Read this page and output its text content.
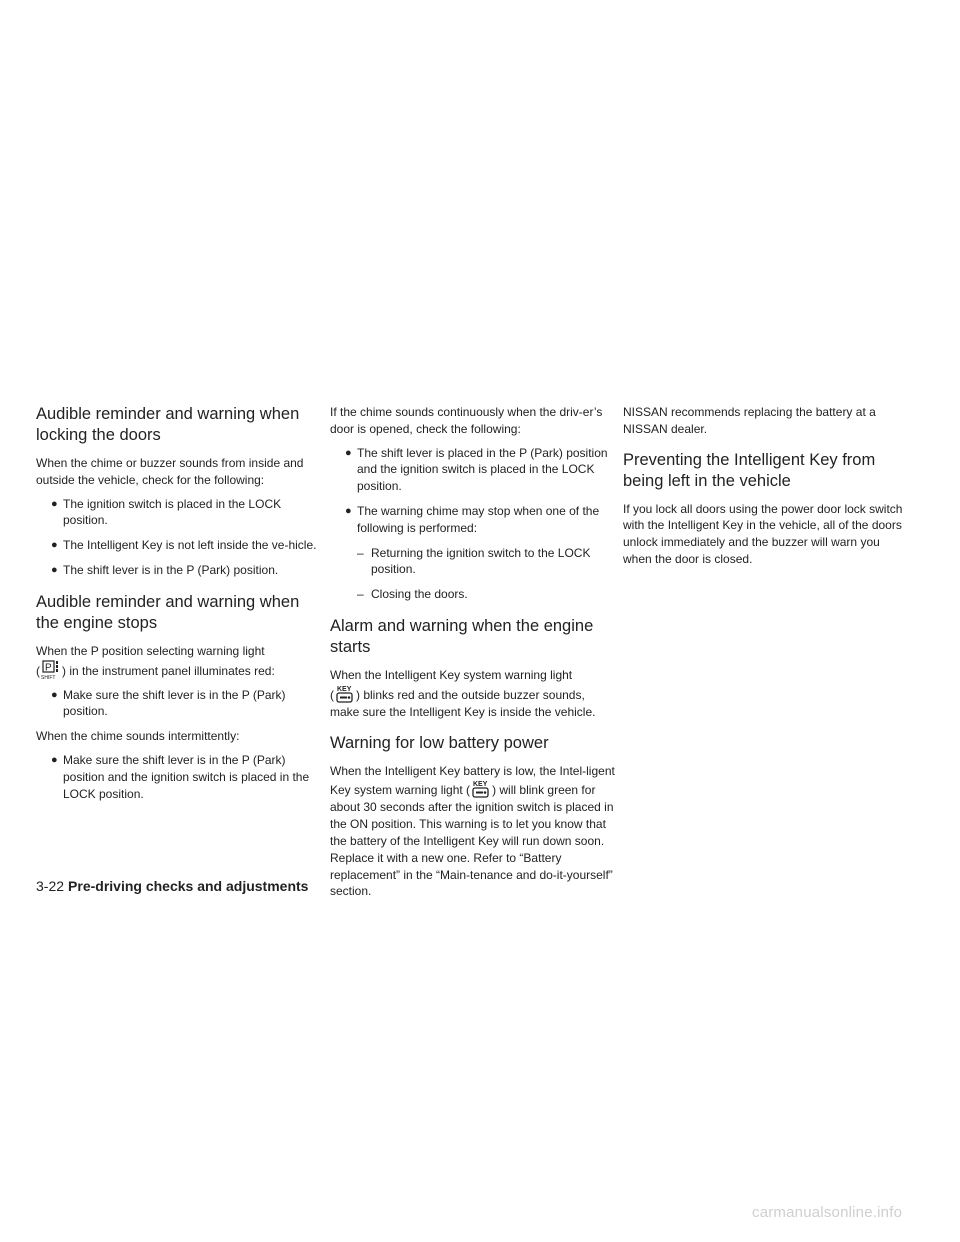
Audible reminder and warning when locking the doors

When the chime or buzzer sounds from inside and outside the vehicle, check for the following:

● The ignition switch is placed in the LOCK position.
● The Intelligent Key is not left inside the ve-hicle.
● The shift lever is in the P (Park) position.
Audible reminder and warning when the engine stops

When the P position selecting warning light
( P
SHIFT ) in the instrument panel illuminates red:

● Make sure the shift lever is in the P (Park) position.

When the chime sounds intermittently:

● Make sure the shift lever is in the P (Park) position and the ignition switch is placed in the LOCK position.

If the chime sounds continuously when the driv-er’s door is opened, check the following:

● The shift lever is placed in the P (Park) position and the ignition switch is placed in the LOCK position.
● The warning chime may stop when one of the following is performed:
– Returning the ignition switch to the LOCK position.
– Closing the doors.
Alarm and warning when the engine starts

When the Intelligent Key system warning light
( KEY ) blinks red and the outside buzzer sounds, make sure the Intelligent Key is inside the vehicle.

Warning for low battery power

When the Intelligent Key battery is low, the Intel-ligent Key system warning light ( KEY ) will blink green for about 30 seconds after the ignition switch is placed in the ON position. This warning is to let you know that the battery of the Intelligent Key will run down soon. Replace it with a new one. Refer to “Battery replacement” in the “Main-tenance and do-it-yourself” section.

NISSAN recommends replacing the battery at a NISSAN dealer.

Preventing the Intelligent Key from being left in the vehicle

If you lock all doors using the power door lock switch with the Intelligent Key in the vehicle, all of the doors unlock immediately and the buzzer will warn you when the door is closed.

3-22 Pre-driving checks and adjustments
carmanualsonline.info
